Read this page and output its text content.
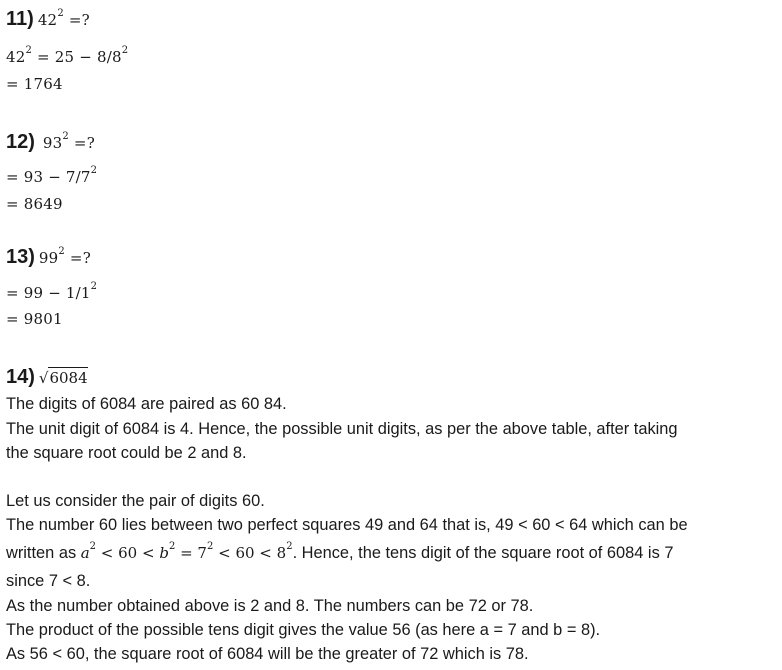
11) $42^2$ =?
$42^2 = 25 - 8/8^2$
= 1764
12) $93^2$ =?
= $93 - 7/7^2$
= 8649
13) $99^2$ =?
= $99 - 1/1^2$
= 9801
14) √6084
The digits of 6084 are paired as 60 84.
The unit digit of 6084 is 4. Hence, the possible unit digits, as per the above table, after taking
the square root could be 2 and 8.
Let us consider the pair of digits 60.
The number 60 lies between two perfect squares 49 and 64 that is, 49 < 60 < 64 which can be
written as $a^2 < 60 < b^2 = 7^2 < 60 < 8^2$. Hence, the tens digit of the square root of 6084 is 7
since 7 < 8.
As the number obtained above is 2 and 8. The numbers can be 72 or 78.
The product of the possible tens digit gives the value 56 (as here a = 7 and b = 8).
As 56 < 60, the square root of 6084 will be the greater of 72 which is 78.
